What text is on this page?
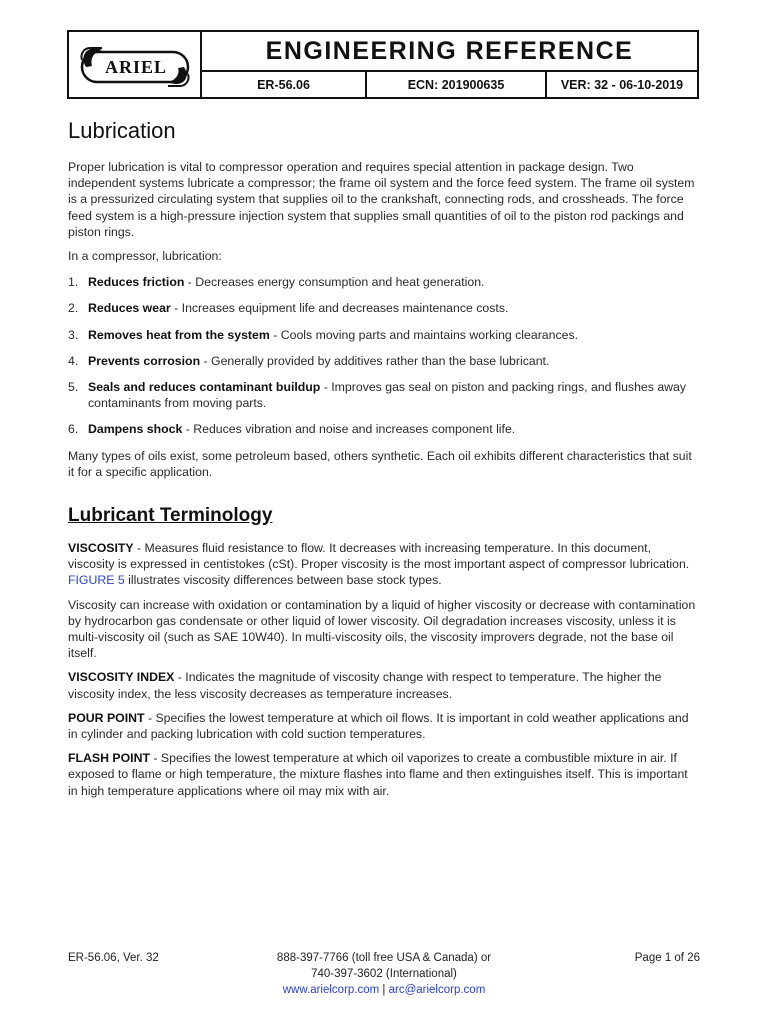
ARIEL
ENGINEERING REFERENCE
ER-56.06	ECN: 201900635	VER: 32 - 06-10-2019
Lubrication

Proper lubrication is vital to compressor operation and requires special attention in package design. Two independent systems lubricate a compressor; the frame oil system and the force feed system. The frame oil system is a pressurized circulating system that supplies oil to the crankshaft, connecting rods, and crossheads. The force feed system is a high-pressure injection system that supplies small quantities of oil to the piston rod packings and piston rings.

In a compressor, lubrication:

1. Reduces friction - Decreases energy consumption and heat generation.
2. Reduces wear - Increases equipment life and decreases maintenance costs.
3. Removes heat from the system - Cools moving parts and maintains working clearances.
4. Prevents corrosion - Generally provided by additives rather than the base lubricant.
5. Seals and reduces contaminant buildup - Improves gas seal on piston and packing rings, and flushes away contaminants from moving parts.
6. Dampens shock - Reduces vibration and noise and increases component life.

Many types of oils exist, some petroleum based, others synthetic. Each oil exhibits different characteristics that suit it for a specific application.

Lubricant Terminology

VISCOSITY - Measures fluid resistance to flow. It decreases with increasing temperature. In this document, viscosity is expressed in centistokes (cSt). Proper viscosity is the most important aspect of compressor lubrication. FIGURE 5 illustrates viscosity differences between base stock types.

Viscosity can increase with oxidation or contamination by a liquid of higher viscosity or decrease with contamination by hydrocarbon gas condensate or other liquid of lower viscosity. Oil degradation increases viscosity, unless it is multi-viscosity oil (such as SAE 10W40). In multi-viscosity oils, the viscosity improvers degrade, not the base oil itself.

VISCOSITY INDEX - Indicates the magnitude of viscosity change with respect to temperature. The higher the viscosity index, the less viscosity decreases as temperature increases.

POUR POINT - Specifies the lowest temperature at which oil flows. It is important in cold weather applications and in cylinder and packing lubrication with cold suction temperatures.

FLASH POINT - Specifies the lowest temperature at which oil vaporizes to create a combustible mixture in air. If exposed to flame or high temperature, the mixture flashes into flame and then extinguishes itself. This is important in high temperature applications where oil may mix with air.

ER-56.06, Ver. 32	888-397-7766 (toll free USA & Canada) or
740-397-3602 (International)
www.arielcorp.com | arc@arielcorp.com
Page 1 of 26
